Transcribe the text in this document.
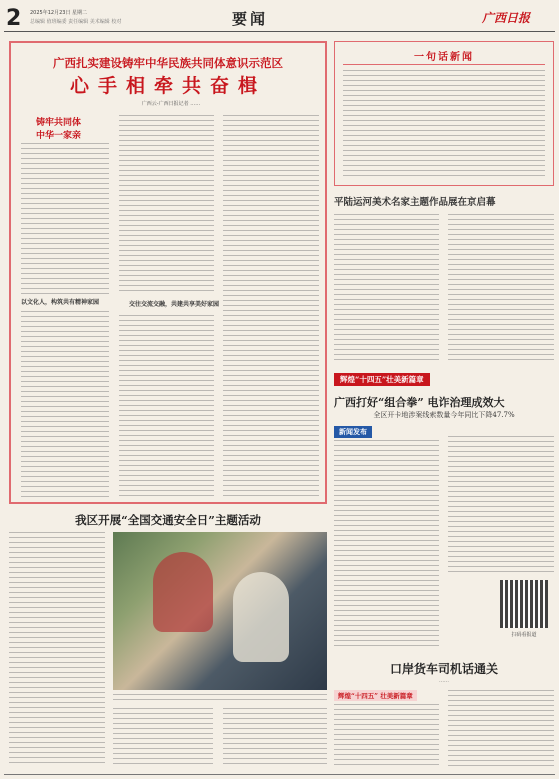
2 2025年12月23日 星期二
总编辑 值班编委 责任编辑 美术编辑 校对	要闻	广西日报
广西扎实建设铸牢中华民族共同体意识示范区
心手相牵共奋楫
广西云-广西日报记者 ……
铸牢共同体
中华一家亲
以文化人，构筑共有精神家园	交往交流交融，共建共享美好家园
一句话新闻
平陆运河美术名家主题作品展在京启幕
辉煌“十四五”壮美新篇章
广西打好“组合拳” 电诈治理成效大
全区开卡地涉案线索数量今年同比下降47.7%
新闻发布
扫码看报道
我区开展“全国交通安全日”主题活动
口岸货车司机话通关
……
辉煌“十四五” 壮美新篇章
